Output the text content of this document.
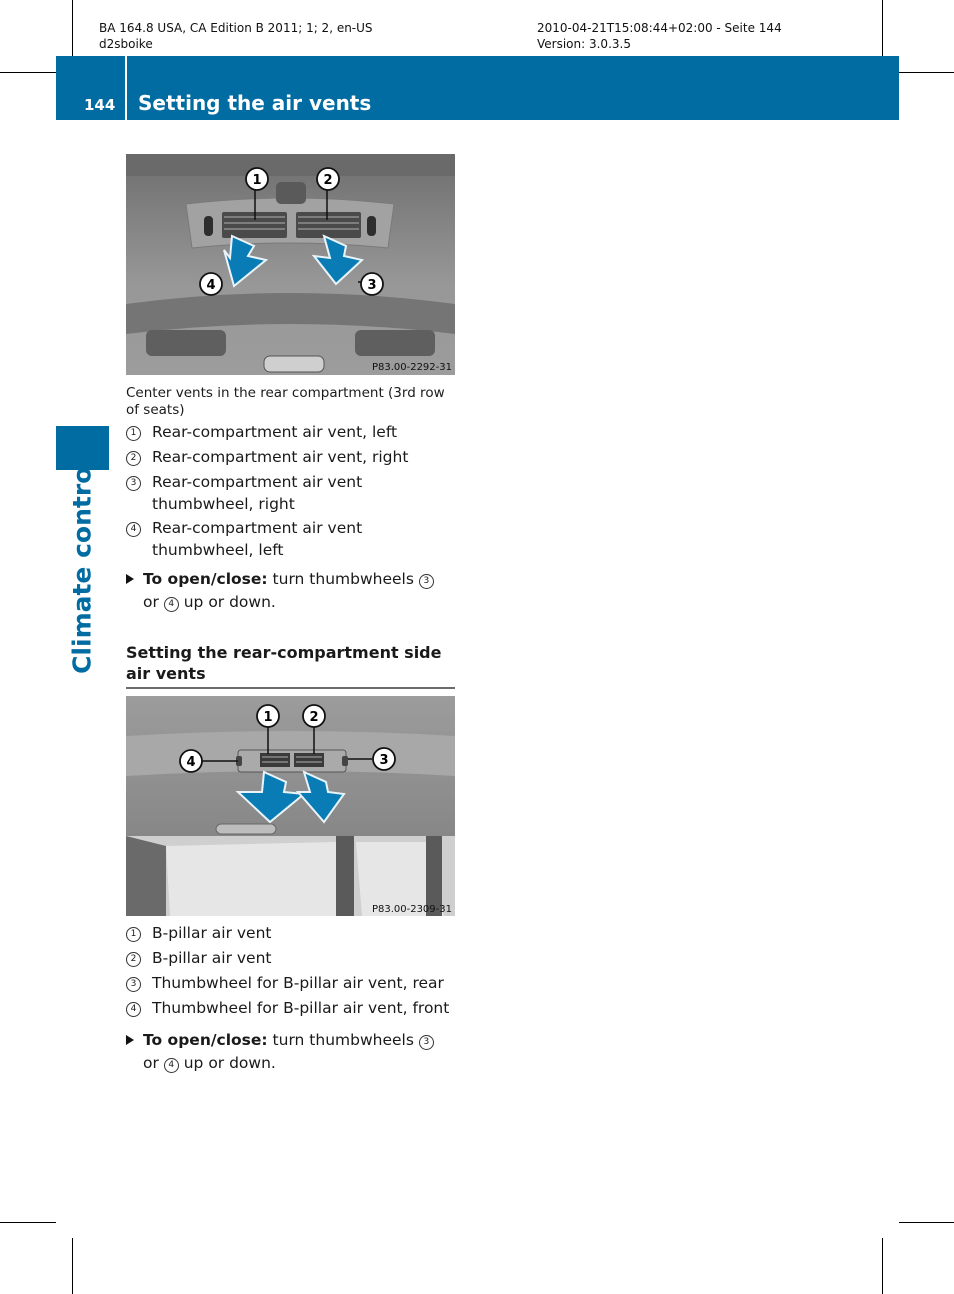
BA 164.8 USA, CA Edition B 2011; 1; 2, en-US
d2sboike
2010-04-21T15:08:44+02:00 - Seite 144
Version: 3.0.3.5
144 Setting the air vents
Climate control
1	2
3
4
P83.00-2292-31
Center vents in the rear compartment (3rd row of seats)
1 Rear-compartment air vent, left
2 Rear-compartment air vent, right
3 Rear-compartment air vent thumbwheel, right
4 Rear-compartment air vent thumbwheel, left
To open/close: turn thumbwheels 3
or 4 up or down.
Setting the rear-compartment side air vents
1	2
3
4
P83.00-2309-31
1 B-pillar air vent
2 B-pillar air vent
3 Thumbwheel for B-pillar air vent, rear
4 Thumbwheel for B-pillar air vent, front
To open/close: turn thumbwheels 3
or 4 up or down.
